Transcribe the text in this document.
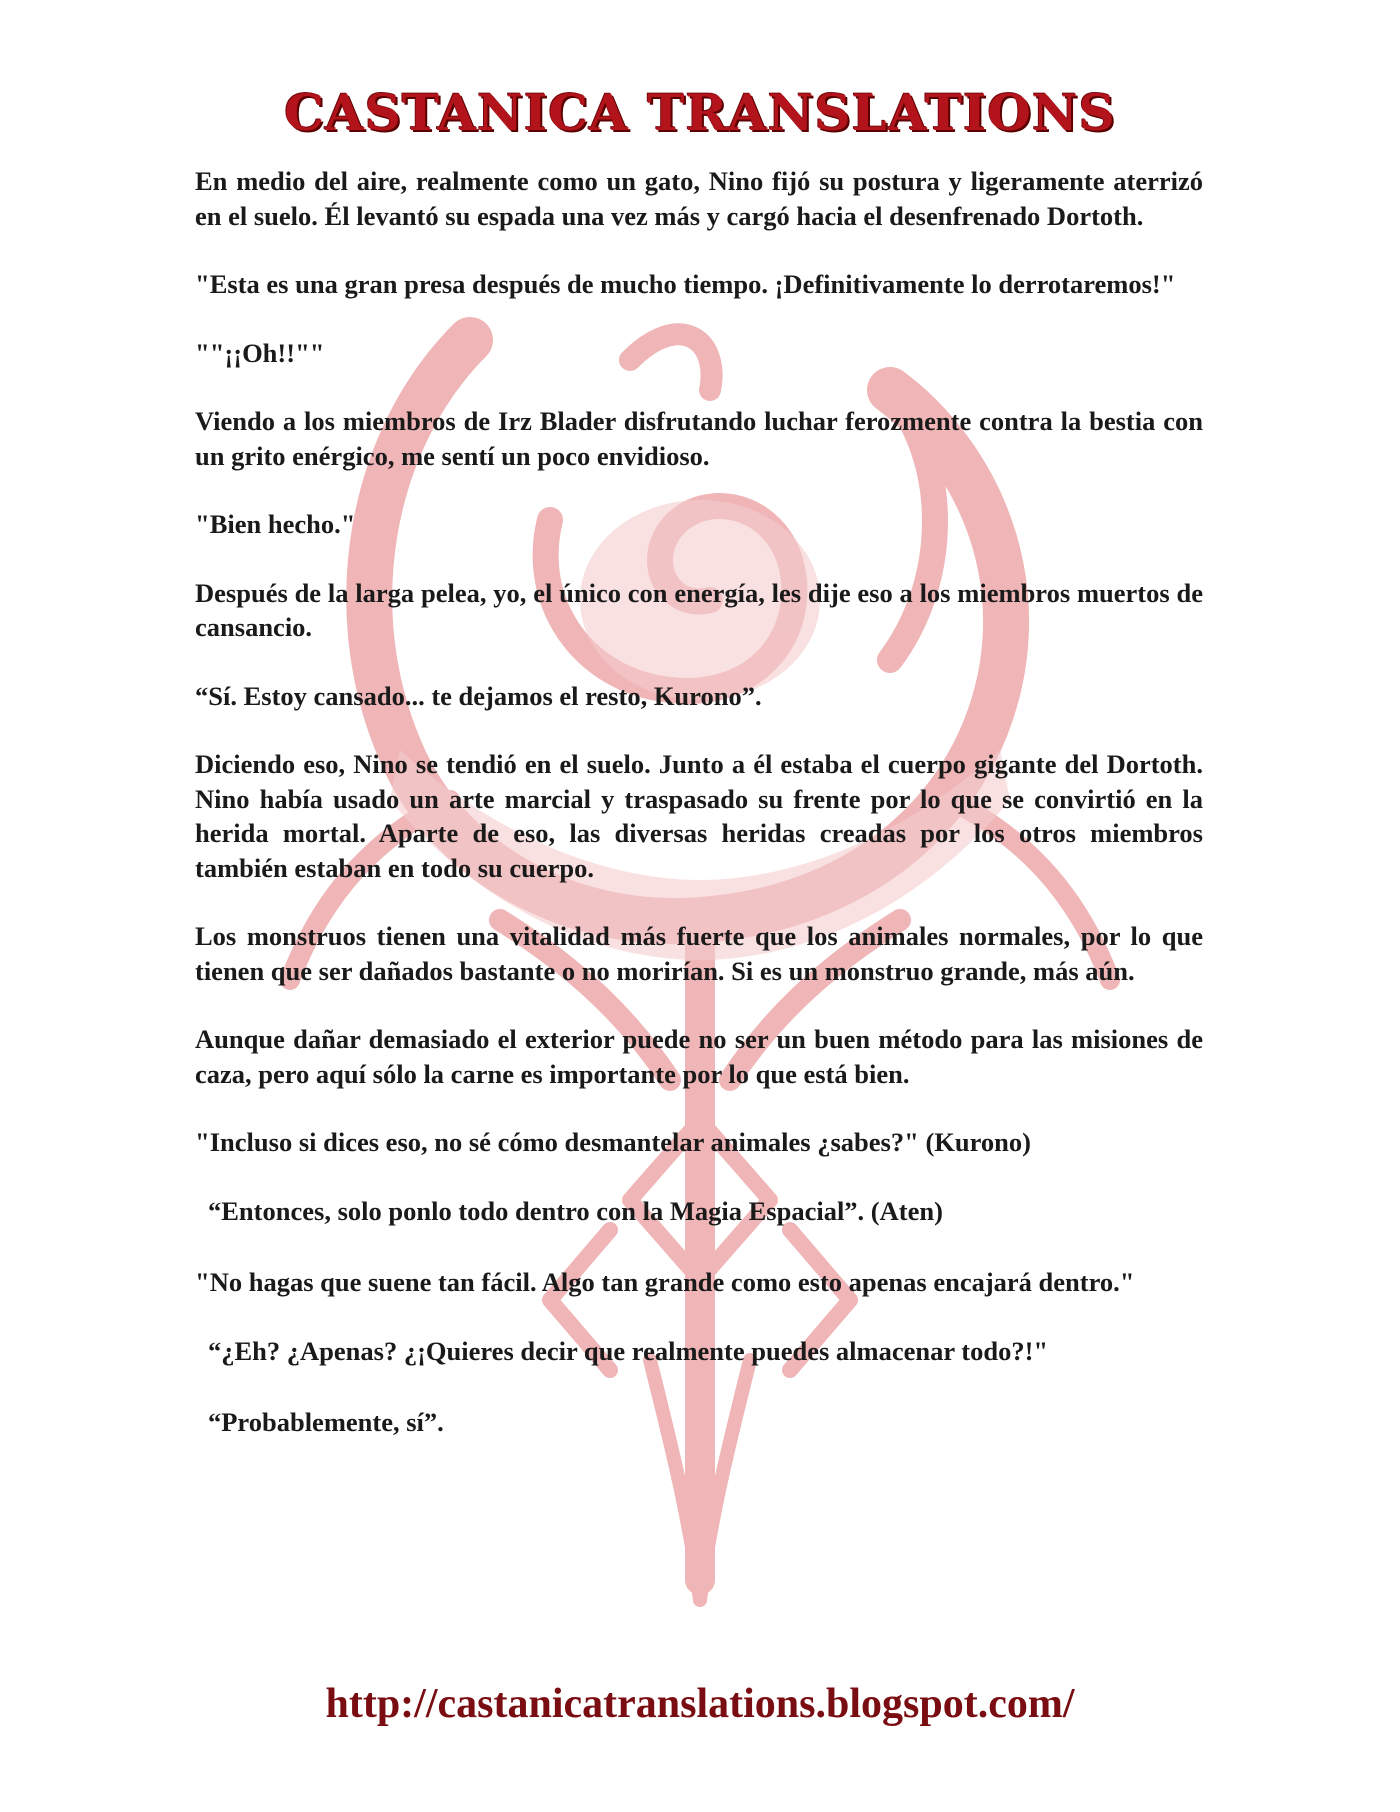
CASTANICA TRANSLATIONS

En medio del aire, realmente como un gato, Nino fijó su postura y ligeramente aterrizó en el suelo. Él levantó su espada una vez más y cargó hacia el desenfrenado Dortoth.

"Esta es una gran presa después de mucho tiempo. ¡Definitivamente lo derrotaremos!"

""¡¡Oh!!""

Viendo a los miembros de Irz Blader disfrutando luchar ferozmente contra la bestia con un grito enérgico, me sentí un poco envidioso.

"Bien hecho."

Después de la larga pelea, yo, el único con energía, les dije eso a los miembros muertos de cansancio.

“Sí. Estoy cansado... te dejamos el resto, Kurono”.

Diciendo eso, Nino se tendió en el suelo. Junto a él estaba el cuerpo gigante del Dortoth. Nino había usado un arte marcial y traspasado su frente por lo que se convirtió en la herida mortal. Aparte de eso, las diversas heridas creadas por los otros miembros también estaban en todo su cuerpo.

Los monstruos tienen una vitalidad más fuerte que los animales normales, por lo que tienen que ser dañados bastante o no morirían. Si es un monstruo grande, más aún.

Aunque dañar demasiado el exterior puede no ser un buen método para las misiones de caza, pero aquí sólo la carne es importante por lo que está bien.

"Incluso si dices eso, no sé cómo desmantelar animales ¿sabes?" (Kurono)

“Entonces, solo ponlo todo dentro con la Magia Espacial”. (Aten)

"No hagas que suene tan fácil. Algo tan grande como esto apenas encajará dentro."

“¿Eh? ¿Apenas? ¿¡Quieres decir que realmente puedes almacenar todo?!"

“Probablemente, sí”.

http://castanicatranslations.blogspot.com/
